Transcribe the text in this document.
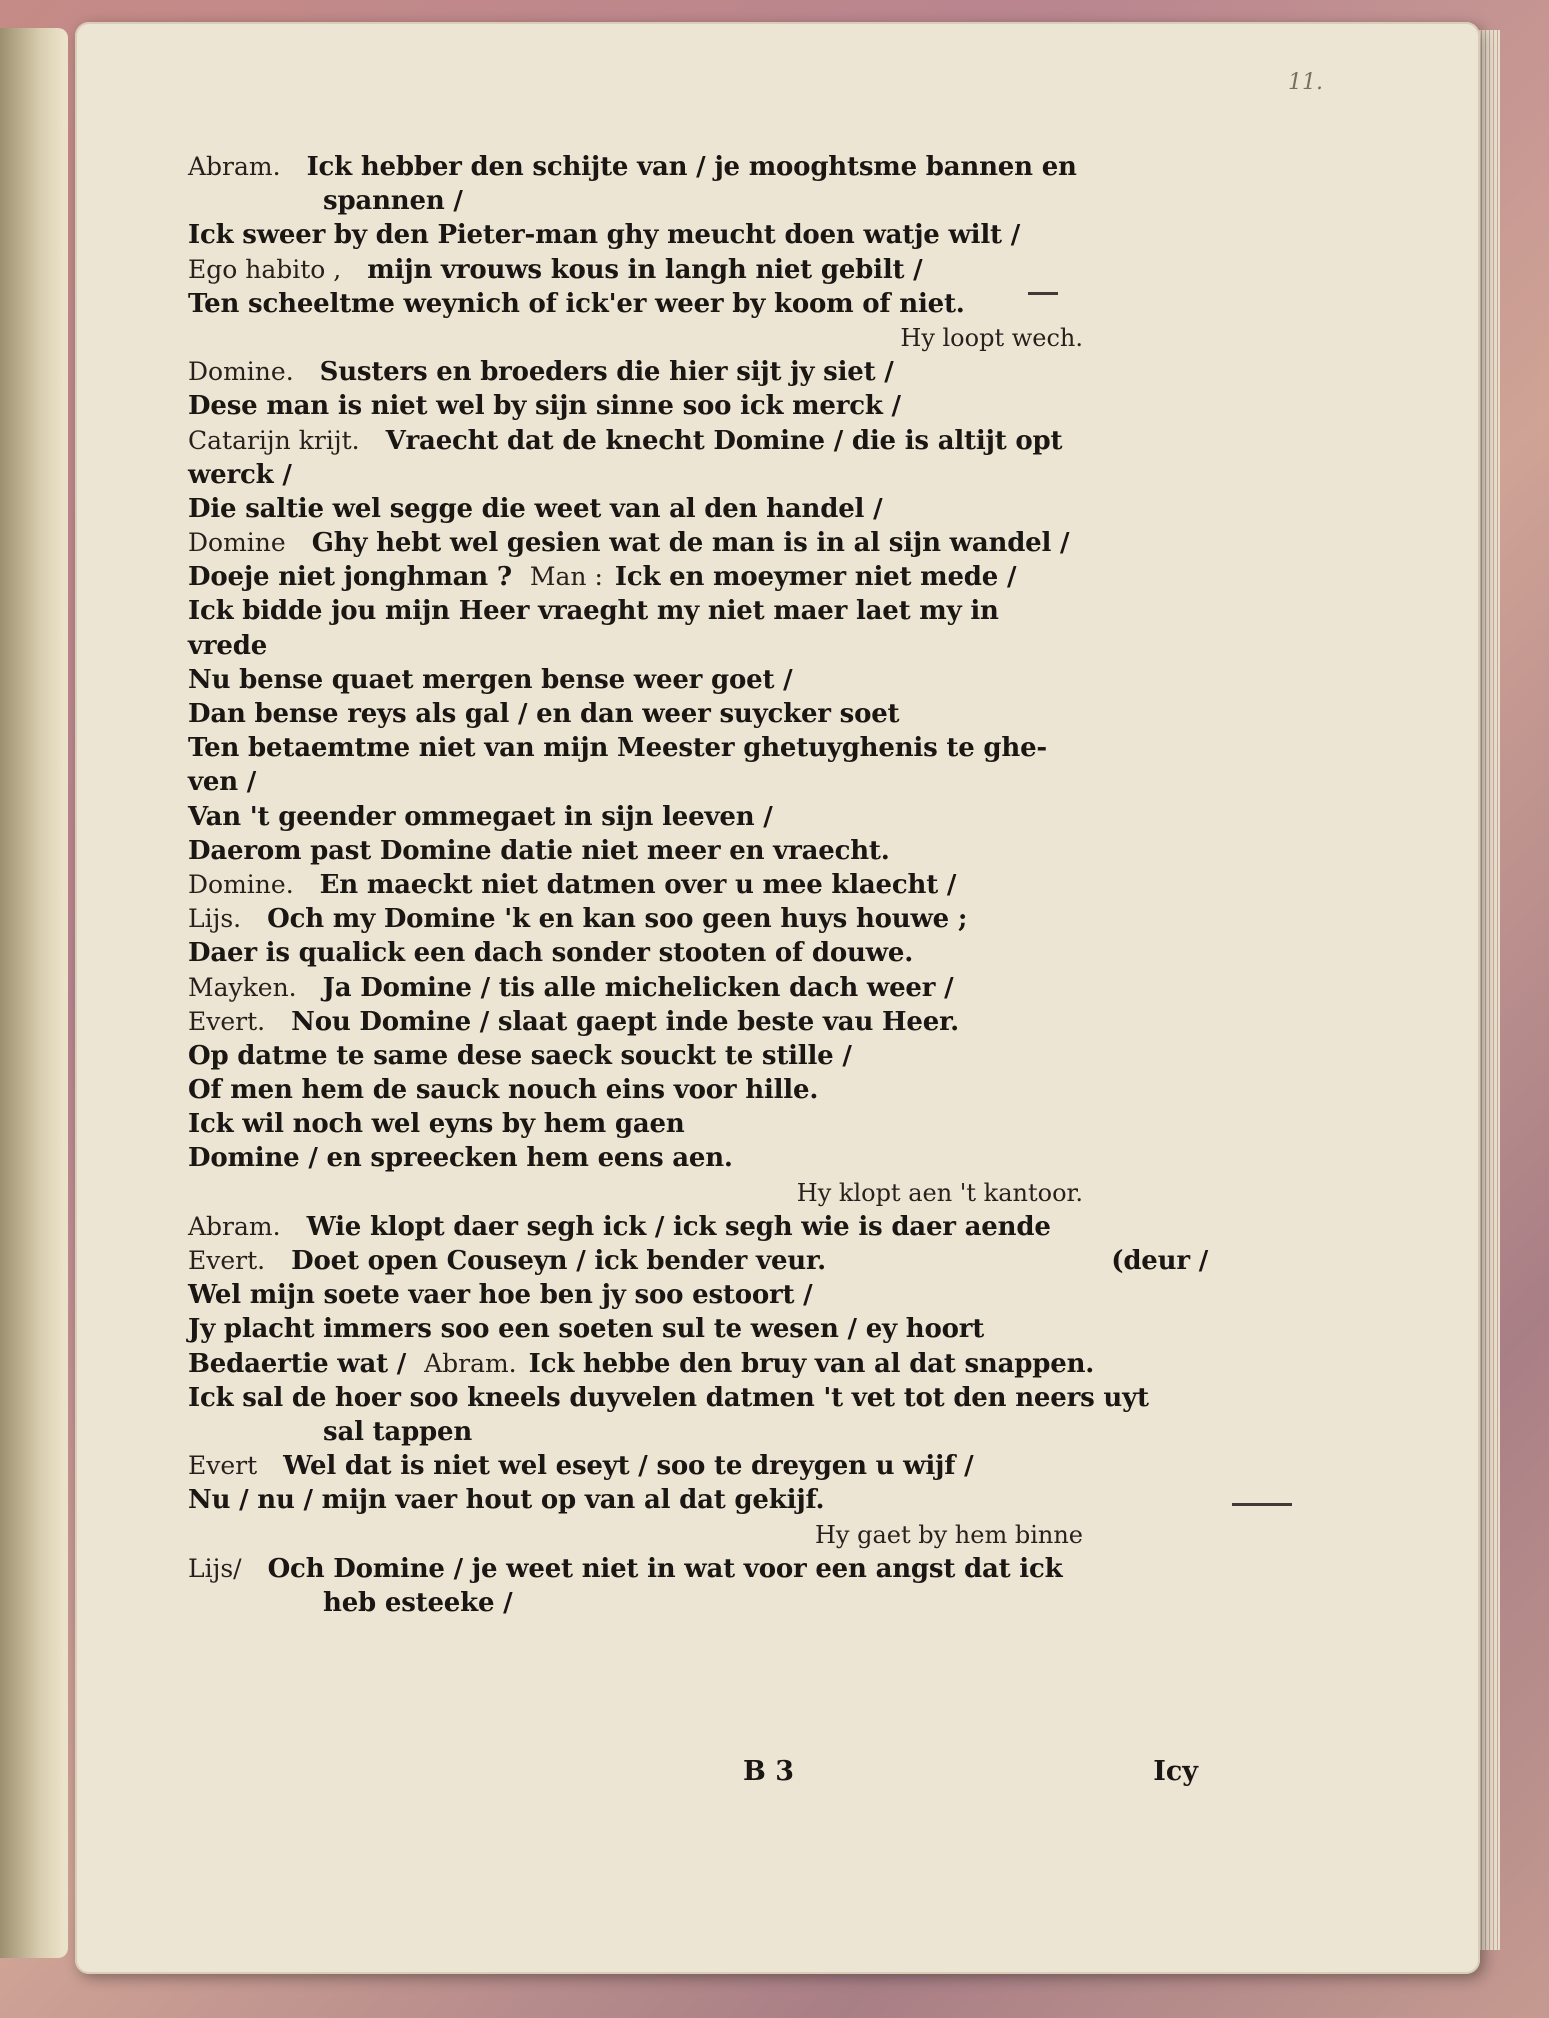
11.
Abram. Ick hebber den schijte van / je mooghtsme bannen en
spannen /
Ick sweer by den Pieter-man ghy meucht doen watje wilt /
Ego habito , mijn vrouws kous in langh niet gebilt /
Ten scheeltme weynich of ick'er weer by koom of niet.
Hy loopt wech.
Domine. Susters en broeders die hier sijt jy siet /
Dese man is niet wel by sijn sinne soo ick merck /
Catarijn krijt. Vraecht dat de knecht Domine / die is altijt opt
werck /
Die saltie wel segge die weet van al den handel /
Domine Ghy hebt wel gesien wat de man is in al sijn wandel /
Doeje niet jonghman ? Man : Ick en moeymer niet mede /
Ick bidde jou mijn Heer vraeght my niet maer laet my in
vrede
Nu bense quaet mergen bense weer goet /
Dan bense reys als gal / en dan weer suycker soet
Ten betaemtme niet van mijn Meester ghetuyghenis te ghe-
ven /
Van 't geender ommegaet in sijn leeven /
Daerom past Domine datie niet meer en vraecht.
Domine. En maeckt niet datmen over u mee klaecht /
Lijs. Och my Domine 'k en kan soo geen huys houwe ;
Daer is qualick een dach sonder stooten of douwe.
Mayken. Ja Domine / tis alle michelicken dach weer /
Evert. Nou Domine / slaat gaept inde beste vau Heer.
Op datme te same dese saeck souckt te stille /
Of men hem de sauck nouch eins voor hille.
Ick wil noch wel eyns by hem gaen
Domine / en spreecken hem eens aen.
Hy klopt aen 't kantoor.
Abram. Wie klopt daer segh ick / ick segh wie is daer aende
Evert. Doet open Couseyn / ick bender veur.	(deur /
Wel mijn soete vaer hoe ben jy soo estoort /
Jy placht immers soo een soeten sul te wesen / ey hoort
Bedaertie wat / Abram. Ick hebbe den bruy van al dat snappen.
Ick sal de hoer soo kneels duyvelen datmen 't vet tot den neers uyt
sal tappen
Evert Wel dat is niet wel eseyt / soo te dreygen u wijf /
Nu / nu / mijn vaer hout op van al dat gekijf.
Hy gaet by hem binne
Lijs/ Och Domine / je weet niet in wat voor een angst dat ick
heb esteeke /
B 3	Icy
